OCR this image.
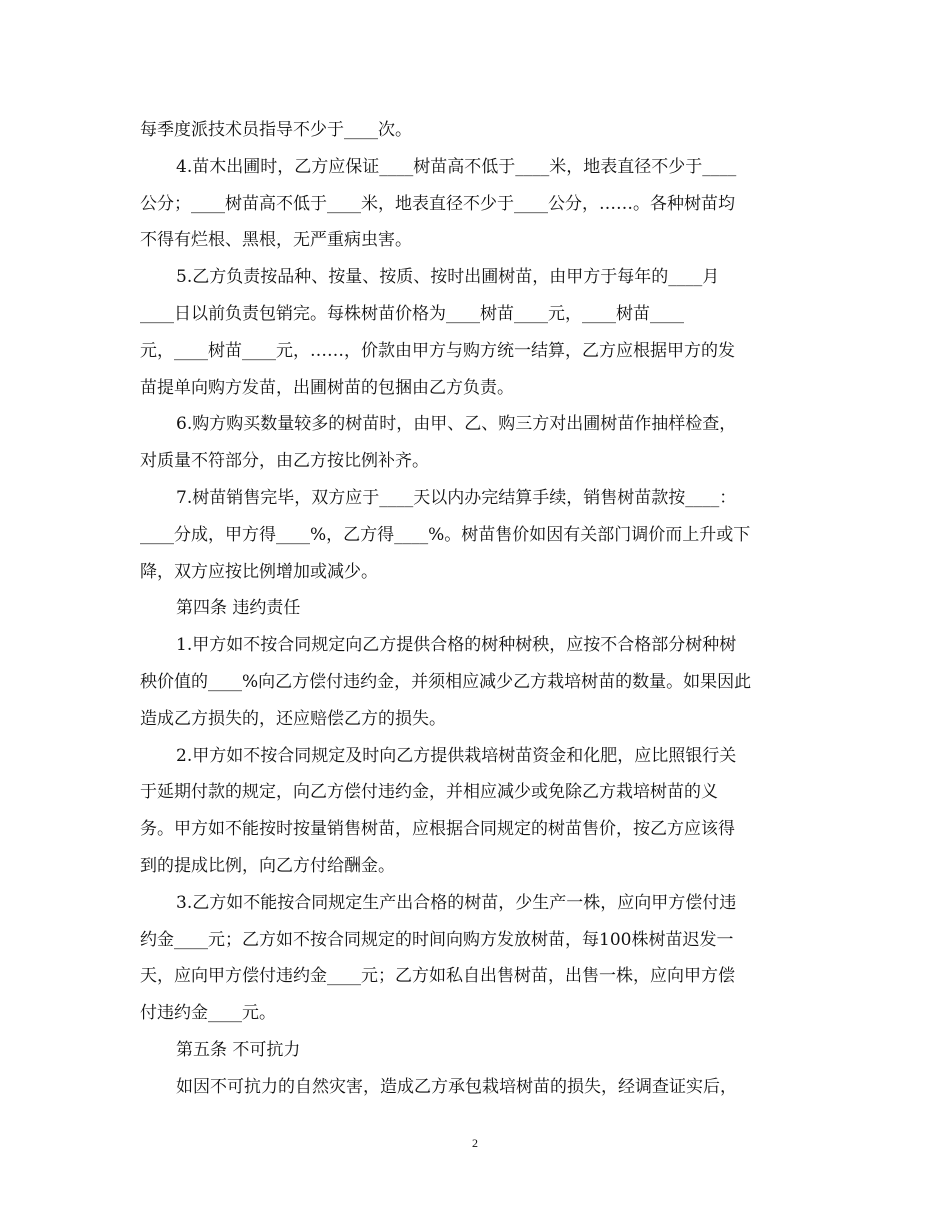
每季度派技术员指导不少于____次。
4.苗木出圃时，乙方应保证____树苗高不低于____米，地表直径不少于____
公分；____树苗高不低于____米，地表直径不少于____公分，……。各种树苗均
不得有烂根、黑根，无严重病虫害。
5.乙方负责按品种、按量、按质、按时出圃树苗，由甲方于每年的____月
____日以前负责包销完。每株树苗价格为____树苗____元，____树苗____
元，____树苗____元，……，价款由甲方与购方统一结算，乙方应根据甲方的发
苗提单向购方发苗，出圃树苗的包捆由乙方负责。
6.购方购买数量较多的树苗时，由甲、乙、购三方对出圃树苗作抽样检查，
对质量不符部分，由乙方按比例补齐。
7.树苗销售完毕，双方应于____天以内办完结算手续，销售树苗款按____：
____分成，甲方得____%，乙方得____%。树苗售价如因有关部门调价而上升或下
降，双方应按比例增加或减少。
第四条 违约责任
1.甲方如不按合同规定向乙方提供合格的树种树秧，应按不合格部分树种树
秧价值的____%向乙方偿付违约金，并须相应减少乙方栽培树苗的数量。如果因此
造成乙方损失的，还应赔偿乙方的损失。
2.甲方如不按合同规定及时向乙方提供栽培树苗资金和化肥，应比照银行关
于延期付款的规定，向乙方偿付违约金，并相应减少或免除乙方栽培树苗的义
务。甲方如不能按时按量销售树苗，应根据合同规定的树苗售价，按乙方应该得
到的提成比例，向乙方付给酬金。
3.乙方如不能按合同规定生产出合格的树苗，少生产一株，应向甲方偿付违
约金____元；乙方如不按合同规定的时间向购方发放树苗，每100株树苗迟发一
天，应向甲方偿付违约金____元；乙方如私自出售树苗，出售一株，应向甲方偿
付违约金____元。
第五条 不可抗力
如因不可抗力的自然灾害，造成乙方承包栽培树苗的损失，经调查证实后，
2
